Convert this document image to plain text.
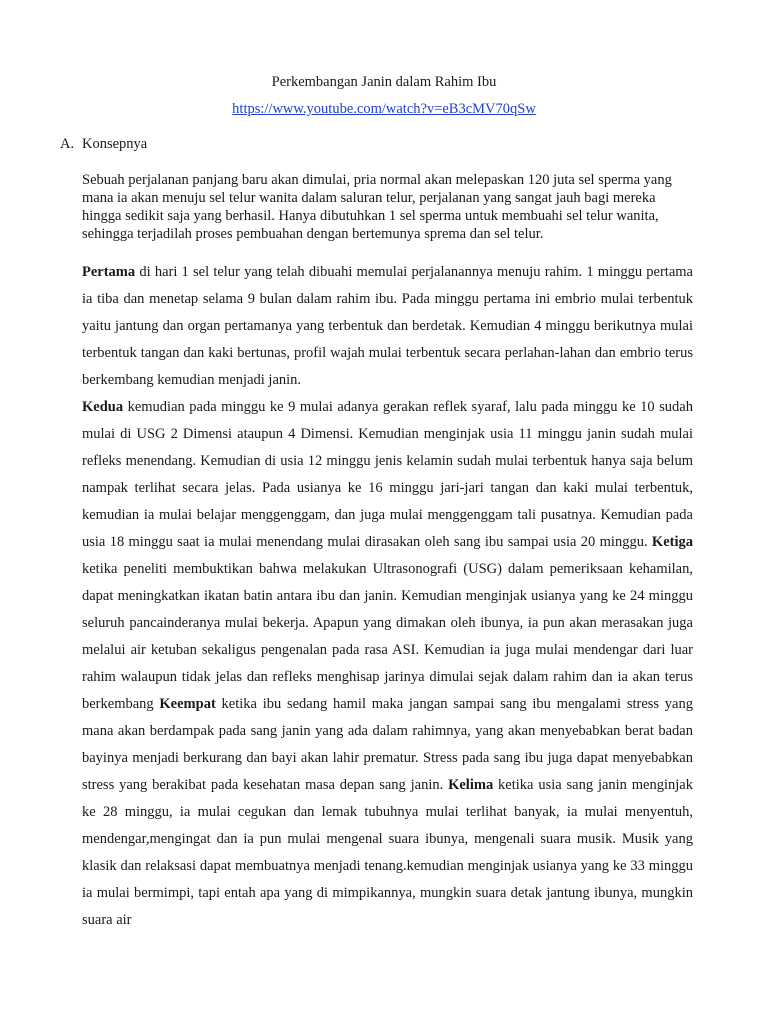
Perkembangan Janin dalam Rahim Ibu
https://www.youtube.com/watch?v=eB3cMV70qSw
A. Konsepnya

Sebuah perjalanan panjang baru akan dimulai, pria normal akan melepaskan 120 juta sel sperma yang mana ia akan menuju sel telur wanita dalam saluran telur, perjalanan yang sangat jauh bagi mereka hingga sedikit saja yang berhasil. Hanya dibutuhkan 1 sel sperma untuk membuahi sel telur wanita, sehingga terjadilah proses pembuahan dengan bertemunya sprema dan sel telur.

Pertama di hari 1 sel telur yang telah dibuahi memulai perjalanannya menuju rahim. 1 minggu pertama ia tiba dan menetap selama 9 bulan dalam rahim ibu. Pada minggu pertama ini embrio mulai terbentuk yaitu jantung dan organ pertamanya yang terbentuk dan berdetak. Kemudian 4 minggu berikutnya mulai terbentuk tangan dan kaki bertunas, profil wajah mulai terbentuk secara perlahan-lahan dan embrio terus berkembang kemudian menjadi janin.

Kedua kemudian pada minggu ke 9 mulai adanya gerakan reflek syaraf, lalu pada minggu ke 10 sudah mulai di USG 2 Dimensi ataupun 4 Dimensi. Kemudian menginjak usia 11 minggu janin sudah mulai refleks menendang. Kemudian di usia 12 minggu jenis kelamin sudah mulai terbentuk hanya saja belum nampak terlihat secara jelas. Pada usianya ke 16 minggu jari-jari tangan dan kaki mulai terbentuk, kemudian ia mulai belajar menggenggam, dan juga mulai menggenggam tali pusatnya. Kemudian pada usia 18 minggu saat ia mulai menendang mulai dirasakan oleh sang ibu sampai usia 20 minggu. Ketiga ketika peneliti membuktikan bahwa melakukan Ultrasonografi (USG) dalam pemeriksaan kehamilan, dapat meningkatkan ikatan batin antara ibu dan janin. Kemudian menginjak usianya yang ke 24 minggu seluruh pancainderanya mulai bekerja. Apapun yang dimakan oleh ibunya, ia pun akan merasakan juga melalui air ketuban sekaligus pengenalan pada rasa ASI. Kemudian ia juga mulai mendengar dari luar rahim walaupun tidak jelas dan refleks menghisap jarinya dimulai sejak dalam rahim dan ia akan terus berkembang Keempat ketika ibu sedang hamil maka jangan sampai sang ibu mengalami stress yang mana akan berdampak pada sang janin yang ada dalam rahimnya, yang akan menyebabkan berat badan bayinya menjadi berkurang dan bayi akan lahir prematur. Stress pada sang ibu juga dapat menyebabkan stress yang berakibat pada kesehatan masa depan sang janin. Kelima ketika usia sang janin menginjak ke 28 minggu, ia mulai cegukan dan lemak tubuhnya mulai terlihat banyak, ia mulai menyentuh, mendengar,mengingat dan ia pun mulai mengenal suara ibunya, mengenali suara musik. Musik yang klasik dan relaksasi dapat membuatnya menjadi tenang.kemudian menginjak usianya yang ke 33 minggu ia mulai bermimpi, tapi entah apa yang di mimpikannya, mungkin suara detak jantung ibunya, mungkin suara air
